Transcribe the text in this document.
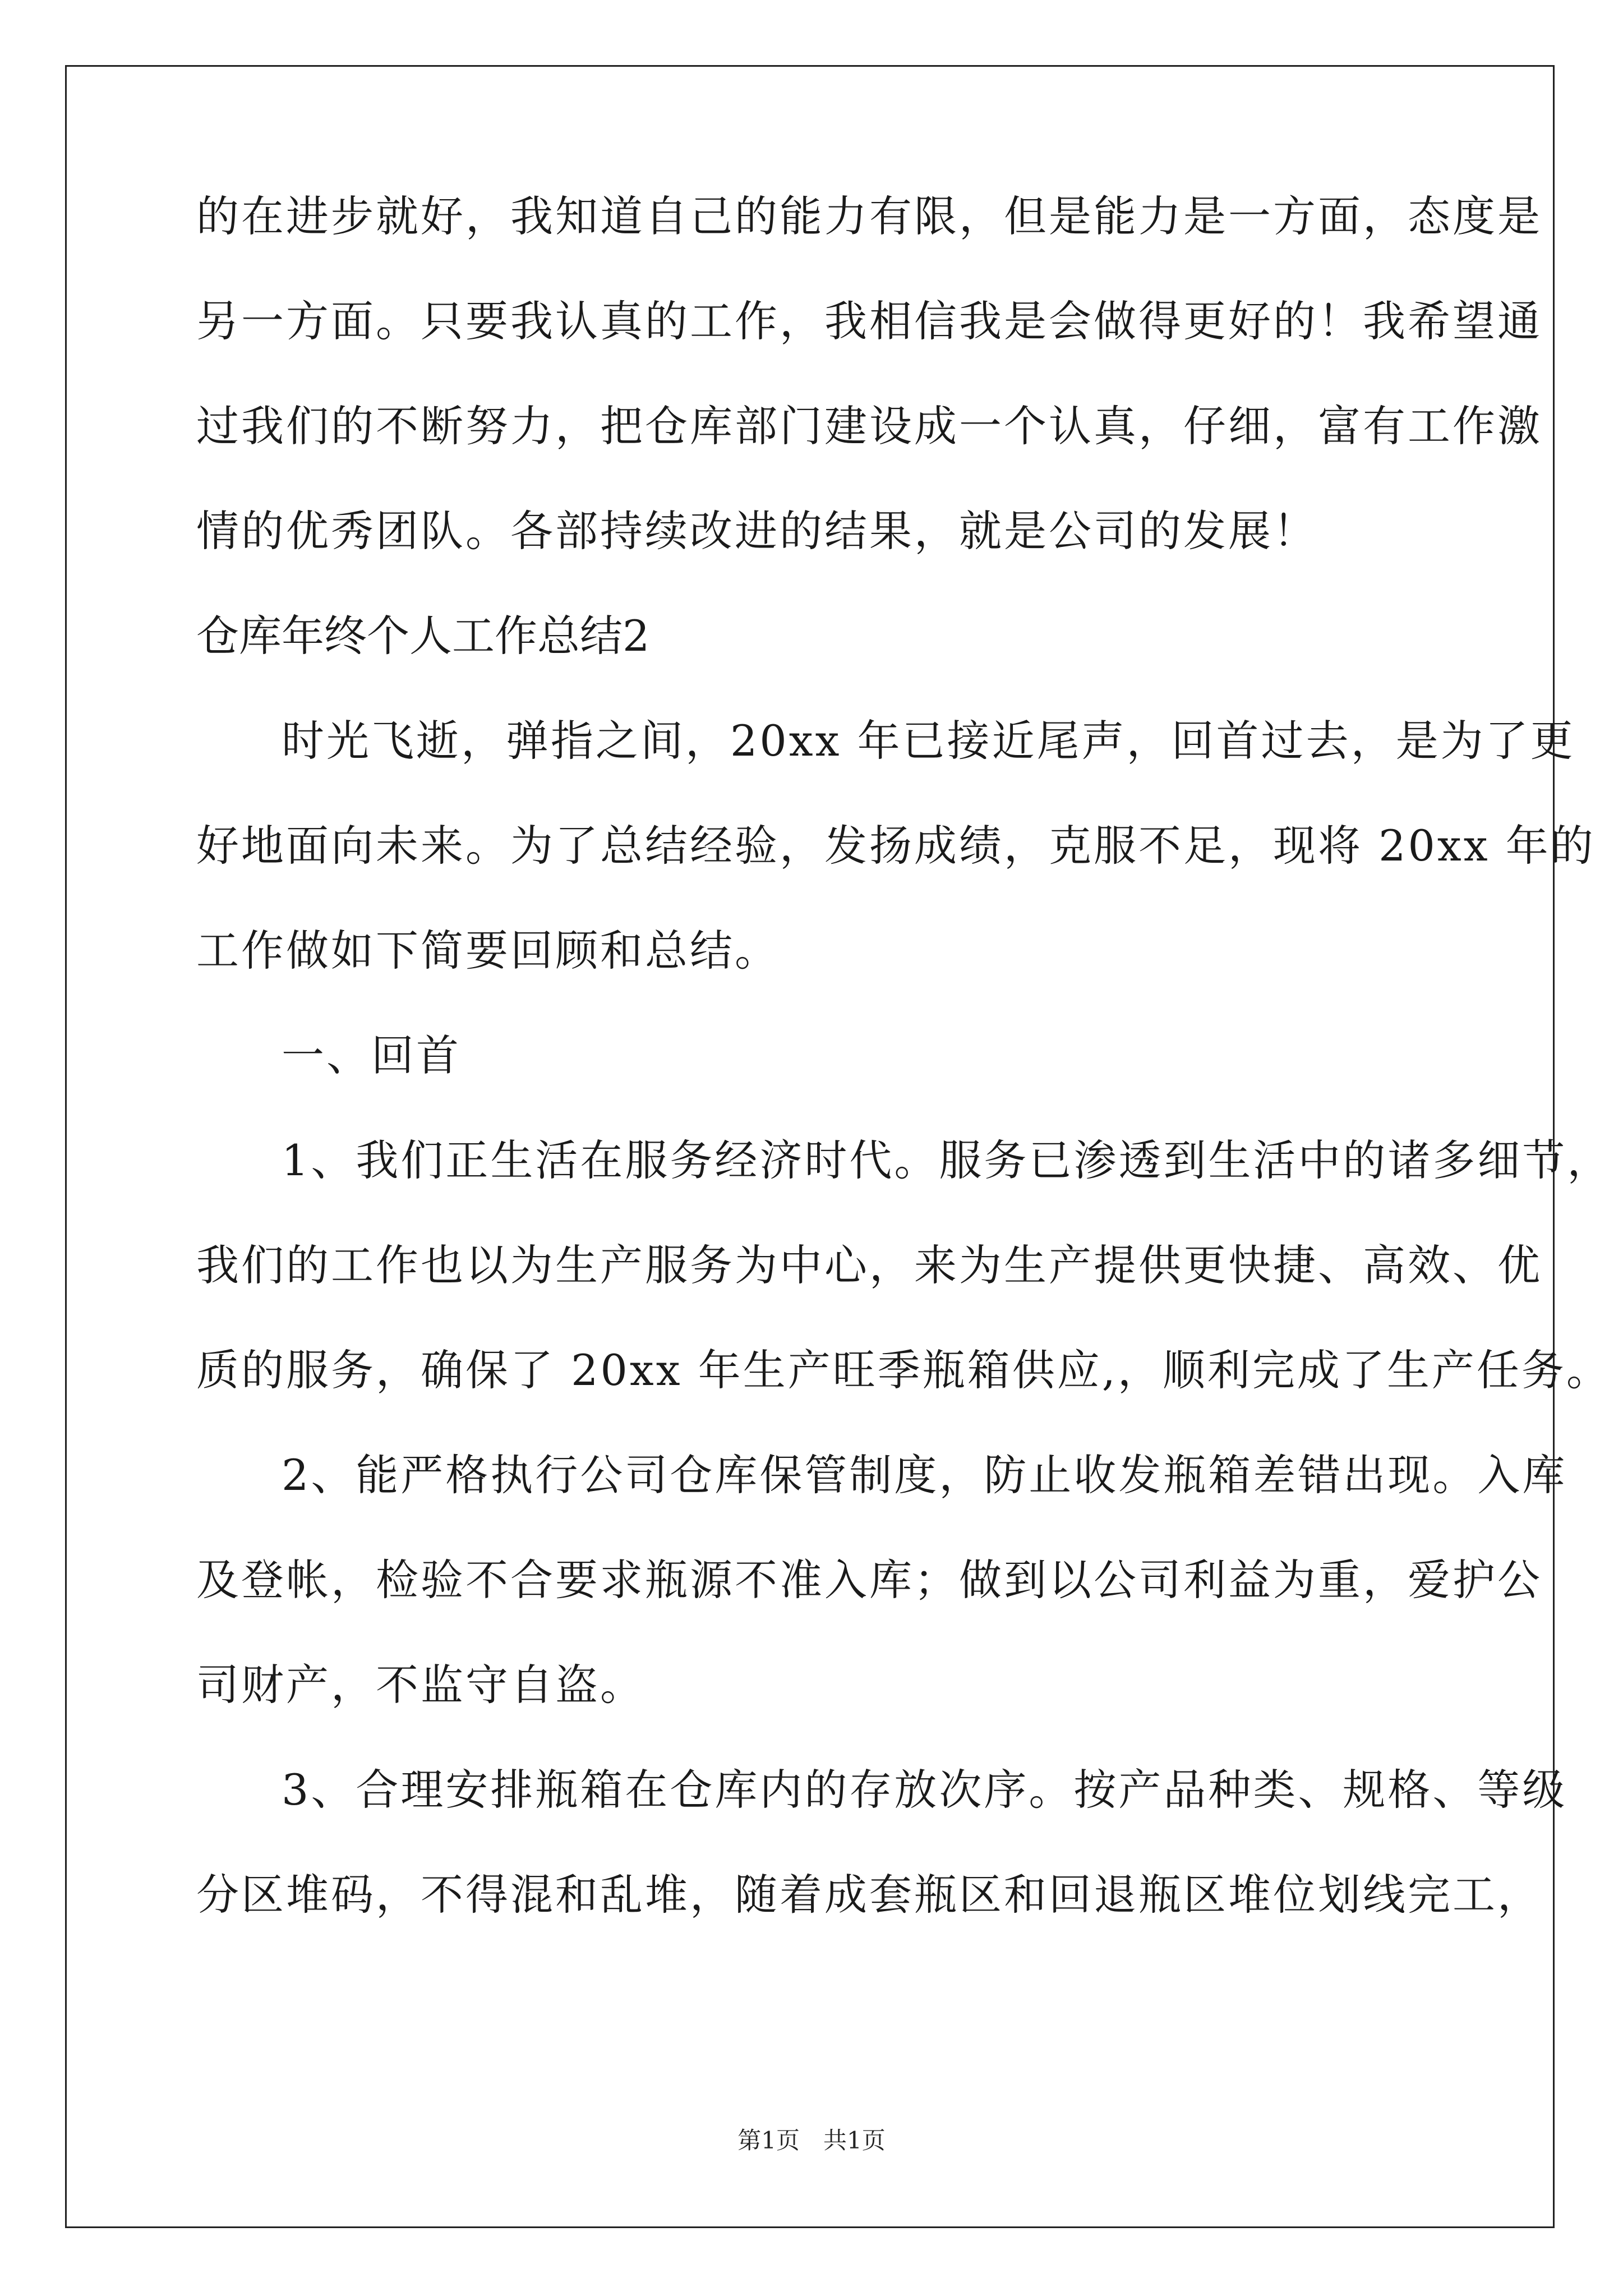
的在进步就好，我知道自己的能力有限，但是能力是一方面，态度是
另一方面。只要我认真的工作，我相信我是会做得更好的！我希望通
过我们的不断努力，把仓库部门建设成一个认真，仔细，富有工作激
情的优秀团队。各部持续改进的结果，就是公司的发展！
仓库年终个人工作总结2
时光飞逝，弹指之间，20xx 年已接近尾声，回首过去，是为了更
好地面向未来。为了总结经验，发扬成绩，克服不足，现将 20xx 年的
工作做如下简要回顾和总结。
一、回首
1、我们正生活在服务经济时代。服务已渗透到生活中的诸多细节，
我们的工作也以为生产服务为中心，来为生产提供更快捷、高效、优
质的服务，确保了 20xx 年生产旺季瓶箱供应,，顺利完成了生产任务。
2、能严格执行公司仓库保管制度，防止收发瓶箱差错出现。入库
及登帐，检验不合要求瓶源不准入库；做到以公司利益为重，爱护公
司财产，不监守自盗。
3、合理安排瓶箱在仓库内的存放次序。按产品种类、规格、等级
分区堆码，不得混和乱堆，随着成套瓶区和回退瓶区堆位划线完工，
第1页　共1页
